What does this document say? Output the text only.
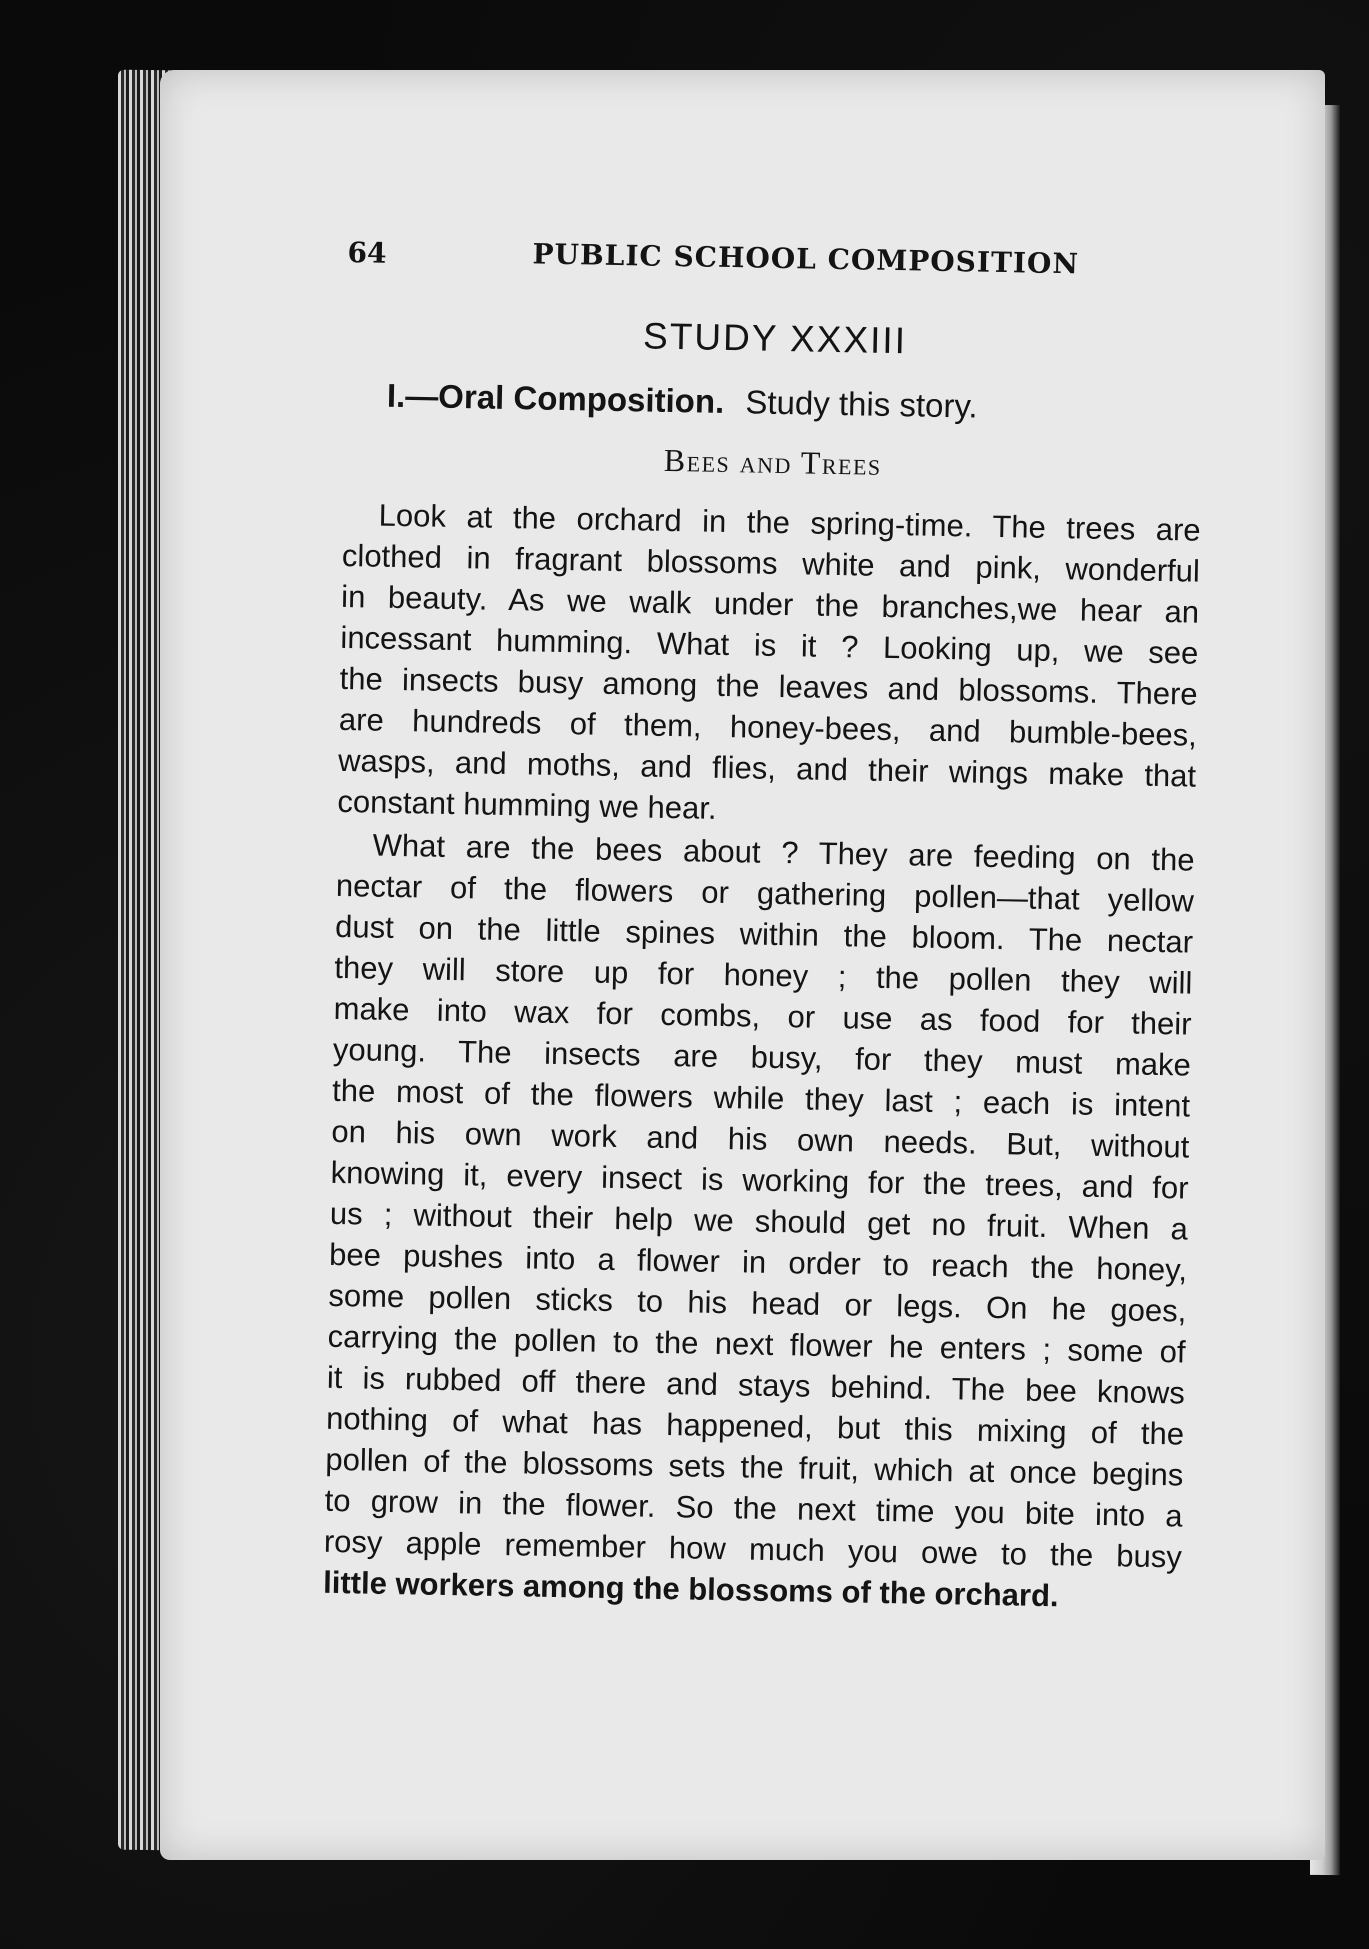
64	PUBLIC SCHOOL COMPOSITION
STUDY XXXIII
I.—Oral Composition. Study this story.
Bees and Trees
Look at the orchard in the spring-time. The trees are
clothed in fragrant blossoms white and pink, wonderful
in beauty. As we walk under the branches,we hear an
incessant humming. What is it ? Looking up, we see
the insects busy among the leaves and blossoms. There
are hundreds of them, honey-bees, and bumble-bees,
wasps, and moths, and flies, and their wings make that
constant humming we hear.
What are the bees about ? They are feeding on the
nectar of the flowers or gathering pollen—that yellow
dust on the little spines within the bloom. The nectar
they will store up for honey ; the pollen they will
make into wax for combs, or use as food for their
young. The insects are busy, for they must make
the most of the flowers while they last ; each is intent
on his own work and his own needs. But, without
knowing it, every insect is working for the trees, and for
us ; without their help we should get no fruit. When a
bee pushes into a flower in order to reach the honey,
some pollen sticks to his head or legs. On he goes,
carrying the pollen to the next flower he enters ; some of
it is rubbed off there and stays behind. The bee knows
nothing of what has happened, but this mixing of the
pollen of the blossoms sets the fruit, which at once begins
to grow in the flower. So the next time you bite into a
rosy apple remember how much you owe to the busy
little workers among the blossoms of the orchard.
